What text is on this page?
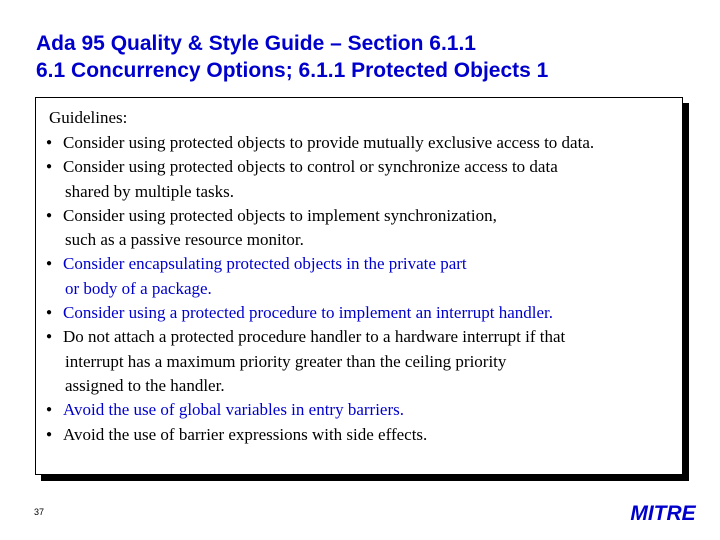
Ada 95 Quality & Style Guide – Section 6.1.1
6.1 Concurrency Options; 6.1.1 Protected Objects 1
Guidelines:
● Consider using protected objects to provide mutually exclusive access to data.
● Consider using protected objects to control or synchronize access to data
shared by multiple tasks.
● Consider using protected objects to implement synchronization,
such as a passive resource monitor.
● Consider encapsulating protected objects in the private part
or body of a package.
● Consider using a protected procedure to implement an interrupt handler.
● Do not attach a protected procedure handler to a hardware interrupt if that
interrupt has a maximum priority greater than the ceiling priority
assigned to the handler.
● Avoid the use of global variables in entry barriers.
● Avoid the use of barrier expressions with side effects.
37	MITRE
